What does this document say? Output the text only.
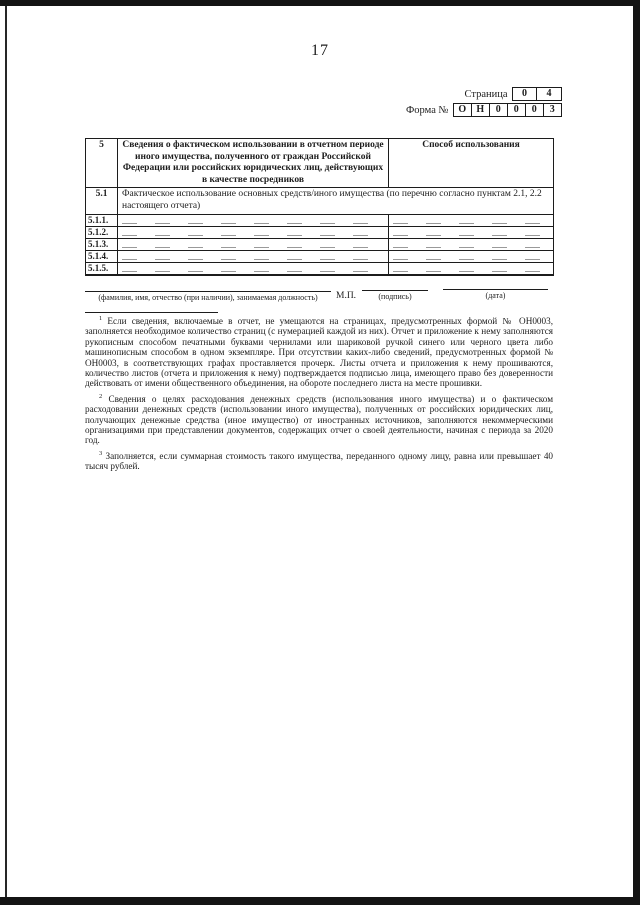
17
Страница	0	4
Форма № О	Н	0	0	0	3
5	Сведения о фактическом использовании в отчетном периоде иного имущества, полученного от граждан Российской Федерации или российских юридических лиц, действующих в качестве посредников	Способ использования
5.1	Фактическое использование основных средств/иного имущества (по перечню согласно пунктам 2.1, 2.2 настоящего отчета)	
5.1.1.		
5.1.2.		
5.1.3.		
5.1.4.		
5.1.5.		
(фамилия, имя, отчество (при наличии), занимаемая должность)	М.П.	(подпись)	(дата)

$^1$ Если сведения, включаемые в отчет, не умещаются на страницах, предусмотренных формой № ОН0003, заполняется необходимое количество страниц (с нумерацией каждой из них). Отчет и приложение к нему заполняются рукописным способом печатными буквами чернилами или шариковой ручкой синего или черного цвета либо машинописным способом в одном экземпляре. При отсутствии каких-либо сведений, предусмотренных формой № ОН0003, в соответствующих графах проставляется прочерк. Листы отчета и приложения к нему прошиваются, количество листов (отчета и приложения к нему) подтверждается подписью лица, имеющего право без доверенности действовать от имени общественного объединения, на обороте последнего листа на месте прошивки.

$^2$ Сведения о целях расходования денежных средств (использования иного имущества) и о фактическом расходовании денежных средств (использовании иного имущества), полученных от российских юридических лиц, получающих денежные средства (иное имущество) от иностранных источников, заполняются некоммерческими организациями при представлении документов, содержащих отчет о своей деятельности, начиная с периода за 2020 год.

$^3$ Заполняется, если суммарная стоимость такого имущества, переданного одному лицу, равна или превышает 40 тысяч рублей.
